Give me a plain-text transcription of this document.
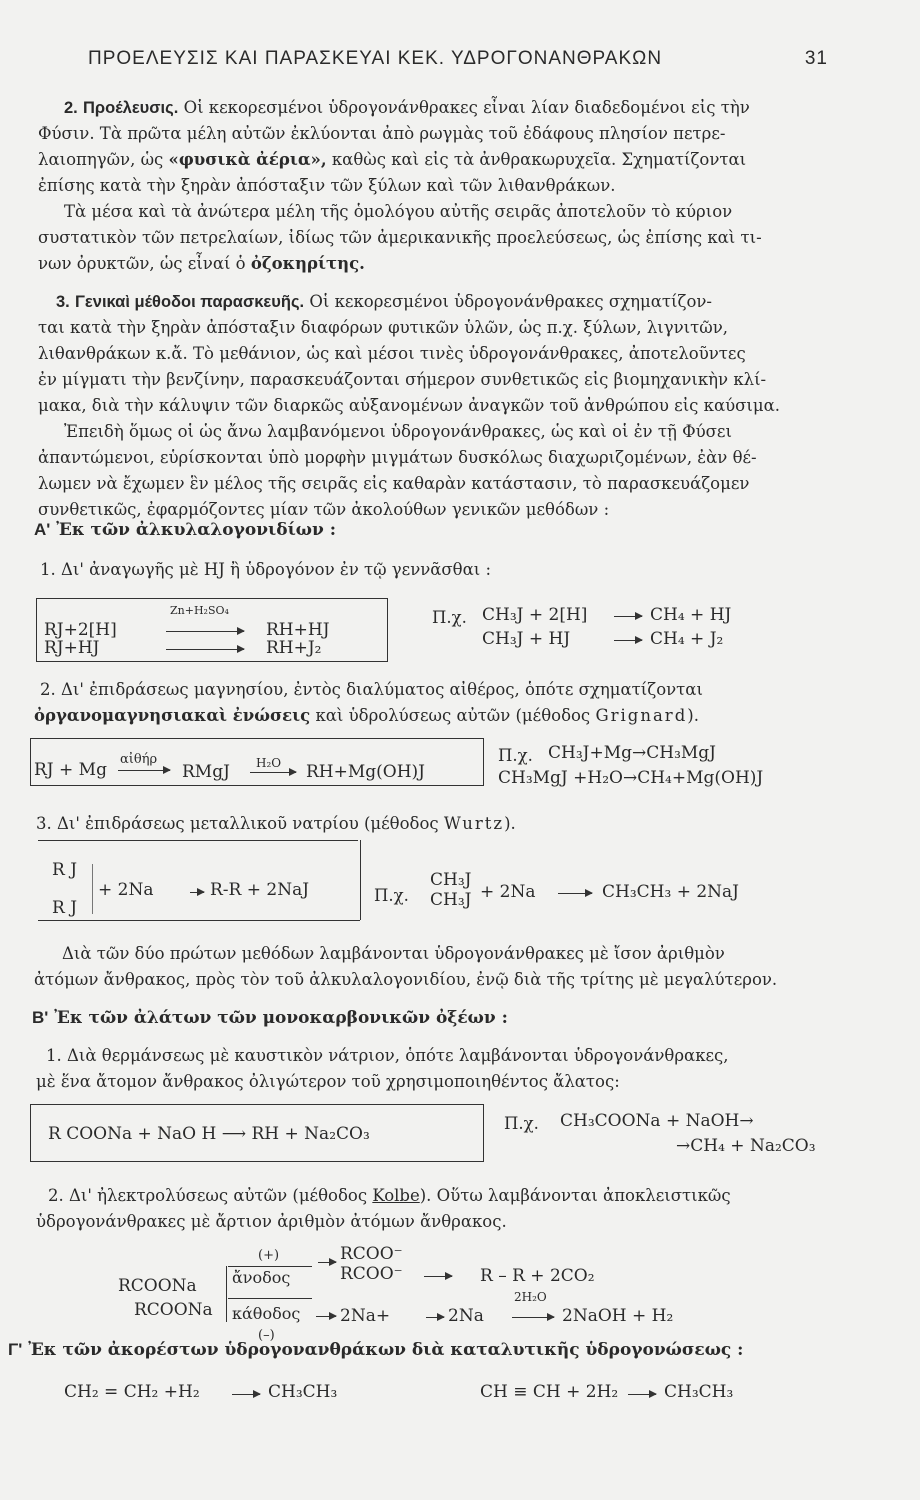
ΠΡΟΕΛΕΥΣΙΣ ΚΑΙ ΠΑΡΑΣΚΕΥΑΙ ΚΕΚ. ΥΔΡΟΓΟΝΑΝΘΡΑΚΩΝ	31
2. Προέλευσις. Οἱ κεκορεσμένοι ὑδρογονάνθρακες εἶναι λίαν διαδεδομένοι εἰς τὴν
Φύσιν. Τὰ πρῶτα μέλη αὐτῶν ἐκλύονται ἀπὸ ρωγμὰς τοῦ ἐδάφους πλησίον πετρε-
λαιοπηγῶν, ὡς «φυσικὰ ἀέρια», καθὼς καὶ εἰς τὰ ἀνθρακωρυχεῖα. Σχηματίζονται
ἐπίσης κατὰ τὴν ξηρὰν ἀπόσταξιν τῶν ξύλων καὶ τῶν λιθανθράκων.
Τὰ μέσα καὶ τὰ ἀνώτερα μέλη τῆς ὁμολόγου αὐτῆς σειρᾶς ἀποτελοῦν τὸ κύριον
συστατικὸν τῶν πετρελαίων, ἰδίως τῶν ἀμερικανικῆς προελεύσεως, ὡς ἐπίσης καὶ τι-
νων ὀρυκτῶν, ὡς εἶναί ὁ ὀζοκηρίτης.
3. Γενικαὶ μέθοδοι παρασκευῆς. Οἱ κεκορεσμένοι ὑδρογονάνθρακες σχηματίζον-
ται κατὰ τὴν ξηρὰν ἀπόσταξιν διαφόρων φυτικῶν ὑλῶν, ὡς π.χ. ξύλων, λιγνιτῶν,
λιθανθράκων κ.ἄ. Τὸ μεθάνιον, ὡς καὶ μέσοι τινὲς ὑδρογονάνθρακες, ἀποτελοῦντες
ἐν μίγματι τὴν βενζίνην, παρασκευάζονται σήμερον συνθετικῶς εἰς βιομηχανικὴν κλί-
μακα, διὰ τὴν κάλυψιν τῶν διαρκῶς αὐξανομένων ἀναγκῶν τοῦ ἀνθρώπου εἰς καύσιμα.
Ἐπειδὴ ὅμως οἱ ὡς ἄνω λαμβανόμενοι ὑδρογονάνθρακες, ὡς καὶ οἱ ἐν τῇ Φύσει
ἀπαντώμενοι, εὑρίσκονται ὑπὸ μορφὴν μιγμάτων δυσκόλως διαχωριζομένων, ἐὰν θέ-
λωμεν νὰ ἔχωμεν ἓν μέλος τῆς σειρᾶς εἰς καθαρὰν κατάστασιν, τὸ παρασκευάζομεν
συνθετικῶς, ἐφαρμόζοντες μίαν τῶν ἀκολούθων γενικῶν μεθόδων :
Α' Ἐκ τῶν ἀλκυλαλογονιδίων :
1. Δι' ἀναγωγῆς μὲ HJ ἢ ὑδρογόνον ἐν τῷ γεννᾶσθαι :
Zn+H₂SO₄
RJ+2[H]	RH+HJ
RJ+HJ	RH+J₂
Π.χ. CH₃J + 2[H]	CH₄ + HJ
CH₃J + HJ	CH₄ + J₂
2. Δι' ἐπιδράσεως μαγνησίου, ἐντὸς διαλύματος αἰθέρος, ὁπότε σχηματίζονται
ὀργανομαγνησιακαὶ ἐνώσεις καὶ ὑδρολύσεως αὐτῶν (μέθοδος Grignard).
RJ + Mg
αἰθήρ
RMgJ H₂O RH+Mg(OH)J
Π.χ. CH₃J+Mg→CH₃MgJ
CH₃MgJ +H₂O→CH₄+Mg(OH)J
3. Δι' ἐπιδράσεως μεταλλικοῦ νατρίου (μέθοδος Wurtz).
R J
R J
+ 2Na	R-R + 2NaJ	Π.χ.
CH₃J
CH₃J + 2Na	CH₃CH₃ + 2NaJ
Διὰ τῶν δύο πρώτων μεθόδων λαμβάνονται ὑδρογονάνθρακες μὲ ἴσον ἀριθμὸν
ἀτόμων ἄνθρακος, πρὸς τὸν τοῦ ἀλκυλαλογονιδίου, ἐνῷ διὰ τῆς τρίτης μὲ μεγαλύτερον.
Β' Ἐκ τῶν ἀλάτων τῶν μονοκαρβονικῶν ὀξέων :
1. Διὰ θερμάνσεως μὲ καυστικὸν νάτριον, ὁπότε λαμβάνονται ὑδρογονάνθρακες,
μὲ ἕνα ἄτομον ἄνθρακος ὀλιγώτερον τοῦ χρησιμοποιηθέντος ἄλατος:
R COONa + NaO H ⟶ RH + Na₂CO₃
Π.χ. CH₃COONa + NaOH→
→CH₄ + Na₂CO₃
2. Δι' ἠλεκτρολύσεως αὐτῶν (μέθοδος Kolbe). Οὕτω λαμβάνονται ἀποκλειστικῶς
ὑδρογονάνθρακες μὲ ἄρτιον ἀριθμὸν ἀτόμων ἄνθρακος.
(+)
ἄνοδος
RCOONa
RCOONa κάθοδος
(–)
RCOO⁻
RCOO⁻	R – R + 2CO₂
2Na+	2Na
2H₂O
2NaOH + H₂
Γ' Ἐκ τῶν ἀκορέστων ὑδρογονανθράκων διὰ καταλυτικῆς ὑδρογονώσεως :
CH₂ = CH₂ +H₂	CH₃CH₃	CH ≡ CH + 2H₂	CH₃CH₃
